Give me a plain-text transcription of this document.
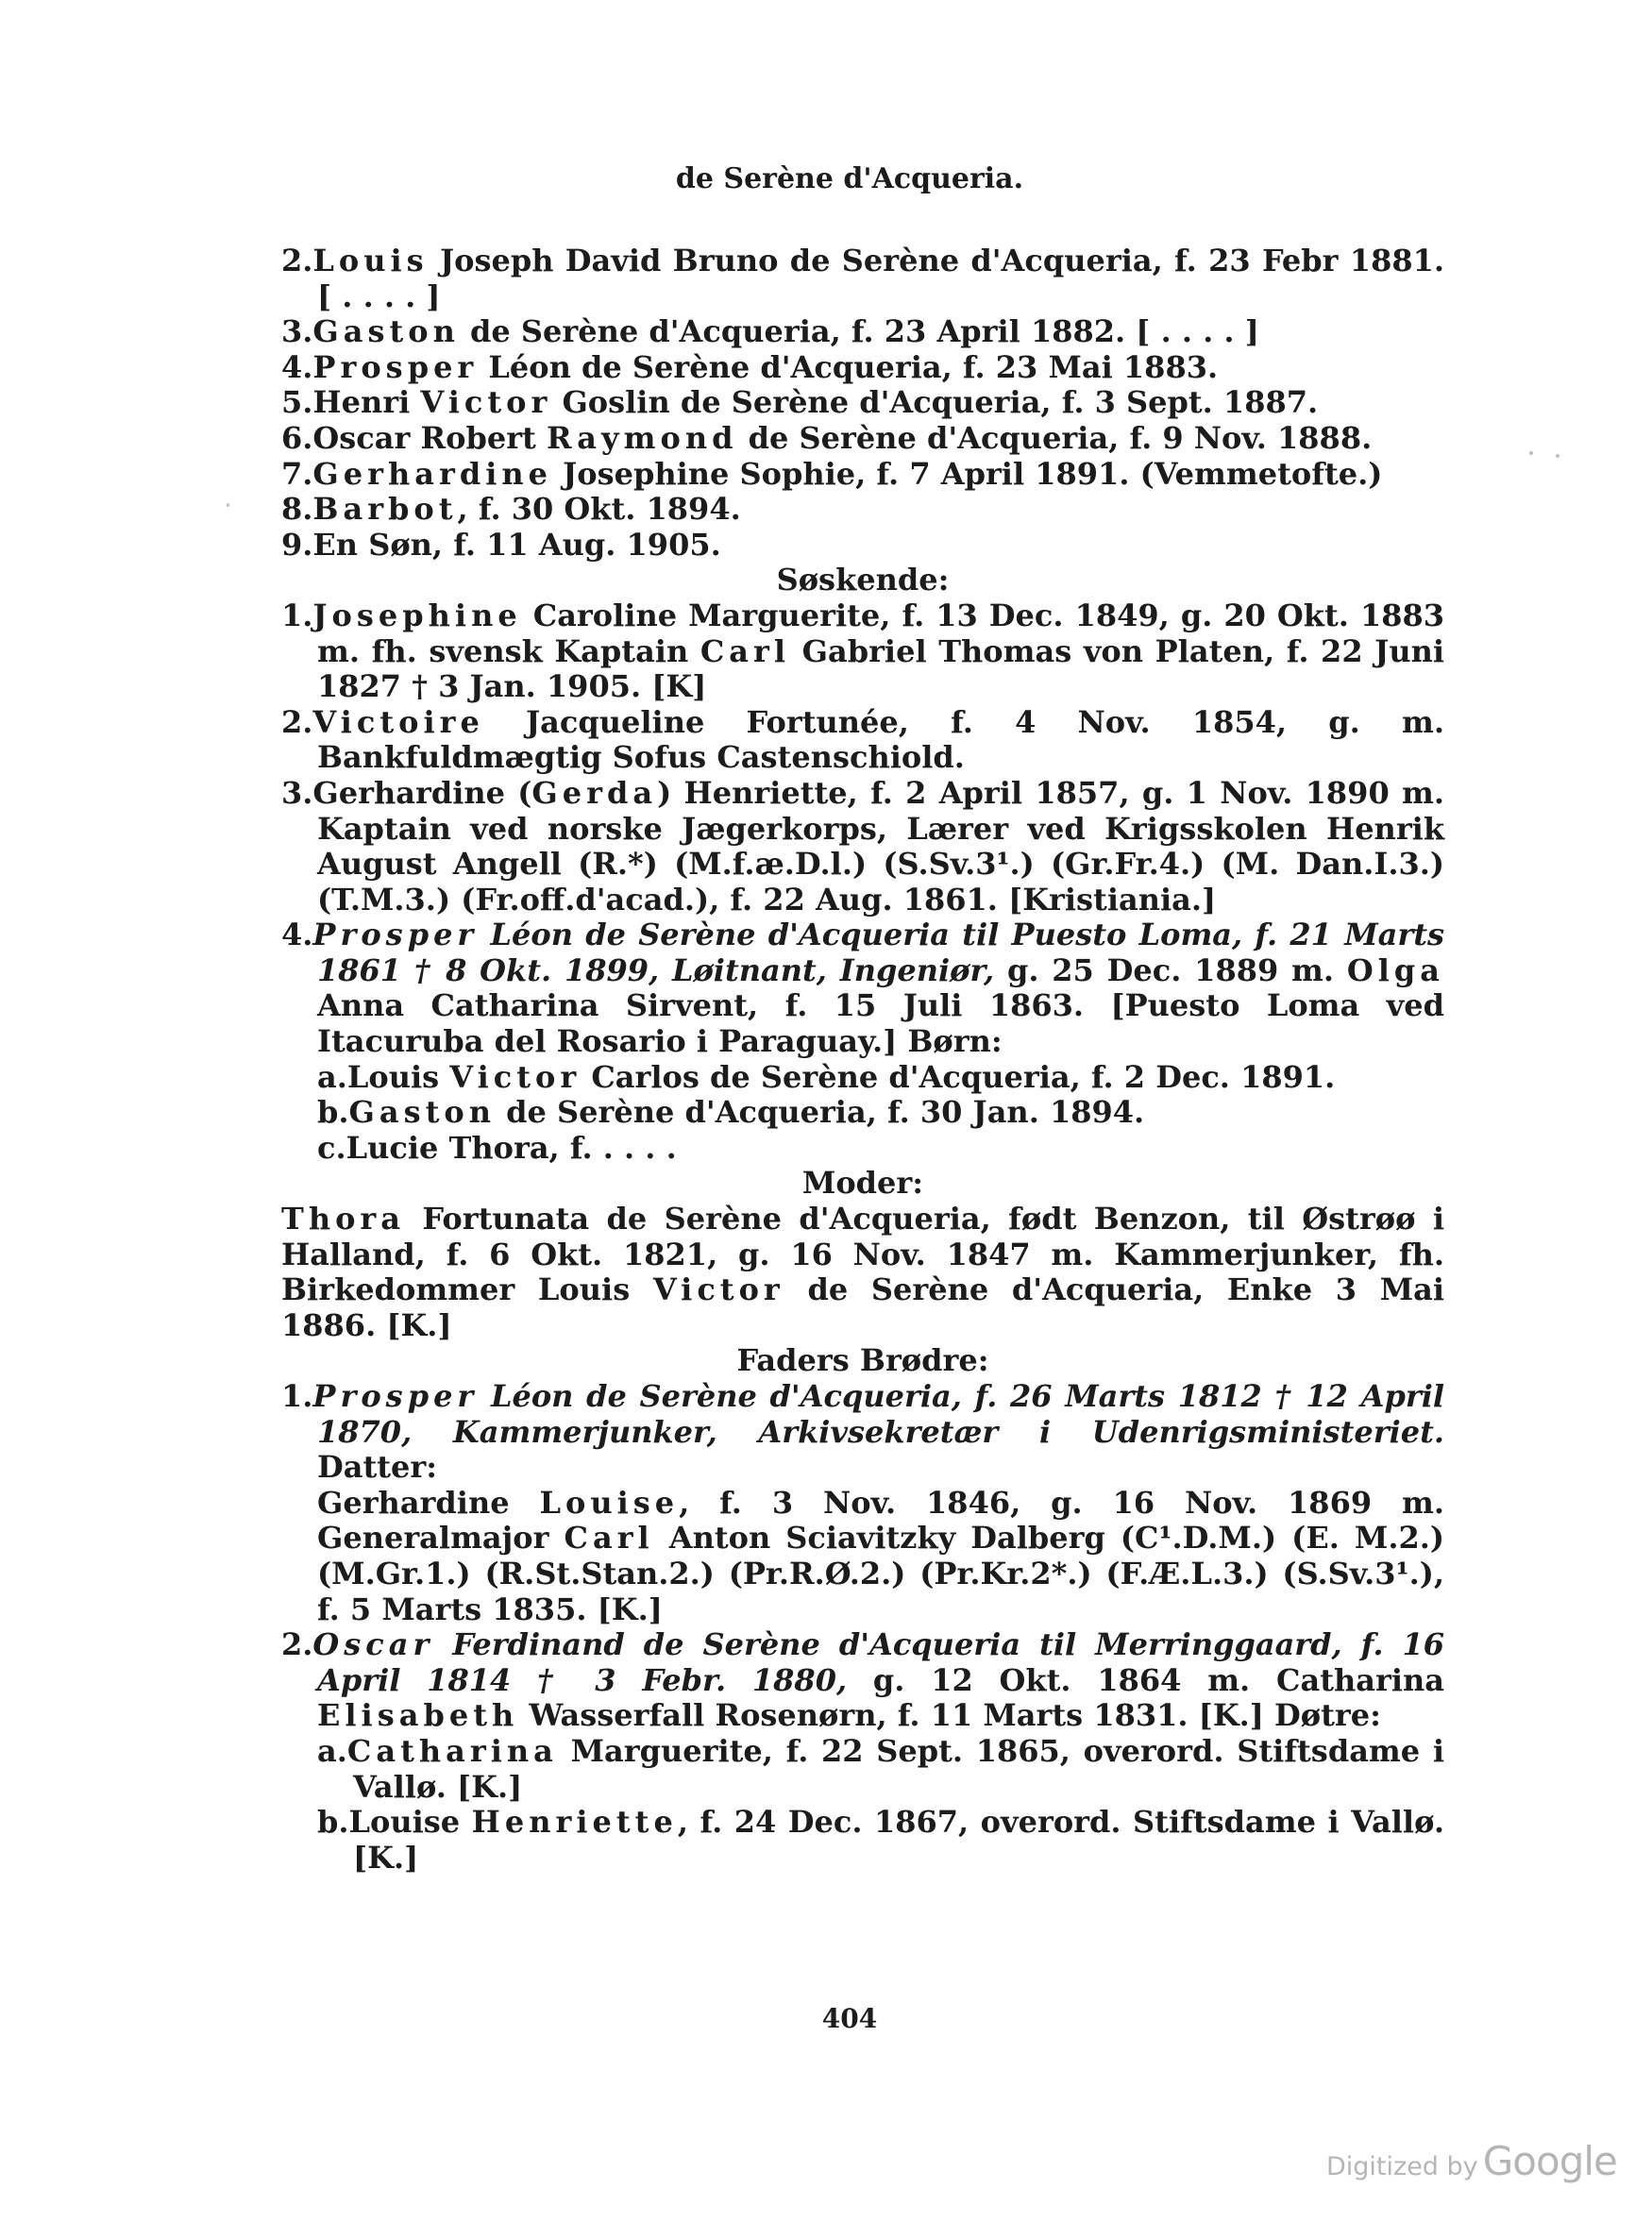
de Serène d'Acqueria.
2.Louis Joseph David Bruno de Serène d'Acqueria, f. 23 Febr 1881. [ . . . . ]
3.Gaston de Serène d'Acqueria, f. 23 April 1882. [ . . . . ]
4.Prosper Léon de Serène d'Acqueria, f. 23 Mai 1883.
5.Henri Victor Goslin de Serène d'Acqueria, f. 3 Sept. 1887.
6.Oscar Robert Raymond de Serène d'Acqueria, f. 9 Nov. 1888.
7.Gerhardine Josephine Sophie, f. 7 April 1891. (Vemmetofte.)
8.Barbot, f. 30 Okt. 1894.
9.En Søn, f. 11 Aug. 1905.
Søskende:
1.Josephine Caroline Marguerite, f. 13 Dec. 1849, g. 20 Okt. 1883 m. fh. svensk Kaptain Carl Gabriel Thomas von Platen, f. 22 Juni 1827 † 3 Jan. 1905. [K]
2.Victoire Jacqueline Fortunée, f. 4 Nov. 1854, g. m. Bankfuldmægtig Sofus Castenschiold.
3.Gerhardine (Gerda) Henriette, f. 2 April 1857, g. 1 Nov. 1890 m. Kaptain ved norske Jægerkorps, Lærer ved Krigsskolen Henrik August Angell (R.*) (M.f.æ.D.l.) (S.Sv.3¹.) (Gr.Fr.4.) (M. Dan.I.3.) (T.M.3.) (Fr.off.d'acad.), f. 22 Aug. 1861. [Kristiania.]
4.Prosper Léon de Serène d'Acqueria til Puesto Loma, f. 21 Marts 1861 † 8 Okt. 1899, Løitnant, Ingeniør, g. 25 Dec. 1889 m. Olga Anna Catharina Sirvent, f. 15 Juli 1863. [Puesto Loma ved Itacuruba del Rosario i Paraguay.] Børn:
a.Louis Victor Carlos de Serène d'Acqueria, f. 2 Dec. 1891.
b.Gaston de Serène d'Acqueria, f. 30 Jan. 1894.
c.Lucie Thora, f. . . . .
Moder:
Thora Fortunata de Serène d'Acqueria, født Benzon, til Østrøø i Halland, f. 6 Okt. 1821, g. 16 Nov. 1847 m. Kammerjunker, fh. Birkedommer Louis Victor de Serène d'Acqueria, Enke 3 Mai 1886. [K.]
Faders Brødre:
1.Prosper Léon de Serène d'Acqueria, f. 26 Marts 1812 † 12 April 1870, Kammerjunker, Arkivsekretær i Udenrigsministeriet. Datter:
Gerhardine Louise, f. 3 Nov. 1846, g. 16 Nov. 1869 m. Generalmajor Carl Anton Sciavitzky Dalberg (C¹.D.M.) (E. M.2.) (M.Gr.1.) (R.St.Stan.2.) (Pr.R.Ø.2.) (Pr.Kr.2*.) (F.Æ.L.3.) (S.Sv.3¹.), f. 5 Marts 1835. [K.]
2.Oscar Ferdinand de Serène d'Acqueria til Merringgaard, f. 16 April 1814 † 3 Febr. 1880, g. 12 Okt. 1864 m. Catharina Elisabeth Wasserfall Rosenørn, f. 11 Marts 1831. [K.] Døtre:
a.Catharina Marguerite, f. 22 Sept. 1865, overord. Stiftsdame i Vallø. [K.]
b.Louise Henriette, f. 24 Dec. 1867, overord. Stiftsdame i Vallø. [K.]
404
Digitized by Google
